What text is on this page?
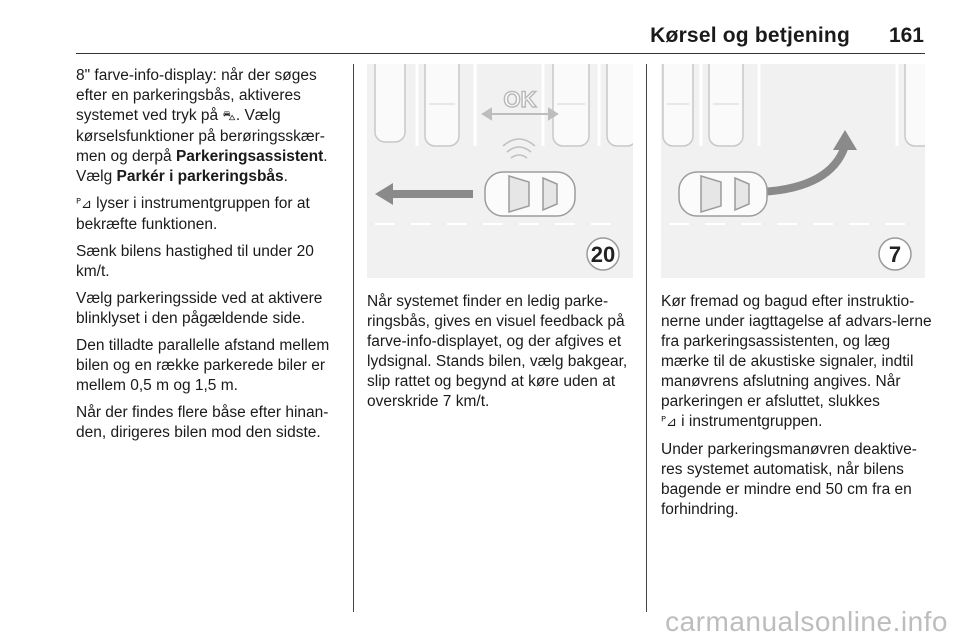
Kørsel og betjening 161

8" farve-info-display: når der søges efter en parkeringsbås, aktiveres systemet ved tryk på ⛍. Vælg kørselsfunktioner på berøringsskær-men og derpå Parkeringsassistent. Vælg Parkér i parkeringsbås.

ᴾ⊿ lyser i instrumentgruppen for at bekræfte funktionen.

Sænk bilens hastighed til under 20 km/t.

Vælg parkeringsside ved at aktivere blinklyset i den pågældende side.

Den tilladte parallelle afstand mellem bilen og en række parkerede biler er mellem 0,5 m og 1,5 m.

Når der findes flere båse efter hinan-den, dirigeres bilen mod den sidste.

OK
20

Når systemet finder en ledig parke-ringsbås, gives en visuel feedback på farve-info-displayet, og der afgives et lydsignal. Stands bilen, vælg bakgear, slip rattet og begynd at køre uden at overskride 7 km/t.

7

Kør fremad og bagud efter instruktio-nerne under iagttagelse af advars-lerne fra parkeringsassistenten, og læg mærke til de akustiske signaler, indtil manøvrens afslutning angives. Når parkeringen er afsluttet, slukkes
ᴾ⊿ i instrumentgruppen.

Under parkeringsmanøvren deaktive-res systemet automatisk, når bilens bagende er mindre end 50 cm fra en forhindring.

carmanualsonline.info
